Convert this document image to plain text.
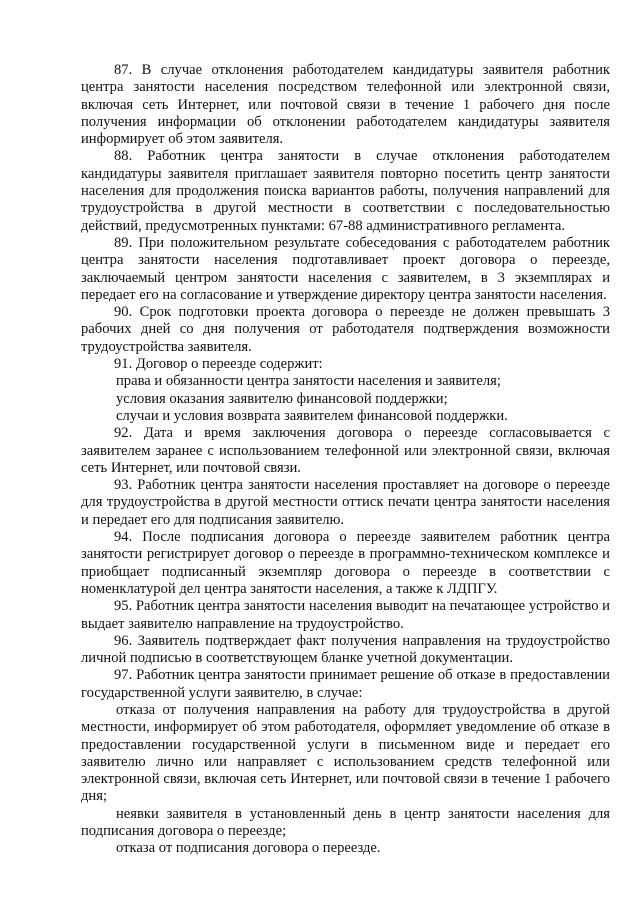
87. В случае отклонения работодателем кандидатуры заявителя работник центра занятости населения посредством телефонной или электронной связи, включая сеть Интернет, или почтовой связи в течение 1 рабочего дня после получения информации об отклонении работодателем кандидатуры заявителя информирует об этом заявителя.

88. Работник центра занятости в случае отклонения работодателем кандидатуры заявителя приглашает заявителя повторно посетить центр занятости населения для продолжения поиска вариантов работы, получения направлений для трудоустройства в другой местности в соответствии с последовательностью действий, предусмотренных пунктами: 67-88 административного регламента.

89. При положительном результате собеседования с работодателем работник центра занятости населения подготавливает проект договора о переезде, заключаемый центром занятости населения с заявителем, в 3 экземплярах и передает его на согласование и утверждение директору центра занятости населения.

90. Срок подготовки проекта договора о переезде не должен превышать 3 рабочих дней со дня получения от работодателя подтверждения возможности трудоустройства заявителя.

91. Договор о переезде содержит:

права и обязанности центра занятости населения и заявителя;

условия оказания заявителю финансовой поддержки;

случаи и условия возврата заявителем финансовой поддержки.

92. Дата и время заключения договора о переезде согласовывается с заявителем заранее с использованием телефонной или электронной связи, включая сеть Интернет, или почтовой связи.

93. Работник центра занятости населения проставляет на договоре о переезде для трудоустройства в другой местности оттиск печати центра занятости населения и передает его для подписания заявителю.

94. После подписания договора о переезде заявителем работник центра занятости регистрирует договор о переезде в программно-техническом комплексе и приобщает подписанный экземпляр договора о переезде в соответствии с номенклатурой дел центра занятости населения, а также к ЛДПГУ.

95. Работник центра занятости населения выводит на печатающее устройство и выдает заявителю направление на трудоустройство.

96. Заявитель подтверждает факт получения направления на трудоустройство личной подписью в соответствующем бланке учетной документации.

97. Работник центра занятости принимает решение об отказе в предоставлении государственной услуги заявителю, в случае:

отказа от получения направления на работу для трудоустройства в другой местности, информирует об этом работодателя, оформляет уведомление об отказе в предоставлении государственной услуги в письменном виде и передает его заявителю лично или направляет с использованием средств телефонной или электронной связи, включая сеть Интернет, или почтовой связи в течение 1 рабочего дня;

неявки заявителя в установленный день в центр занятости населения для подписания договора о переезде;

отказа от подписания договора о переезде.
